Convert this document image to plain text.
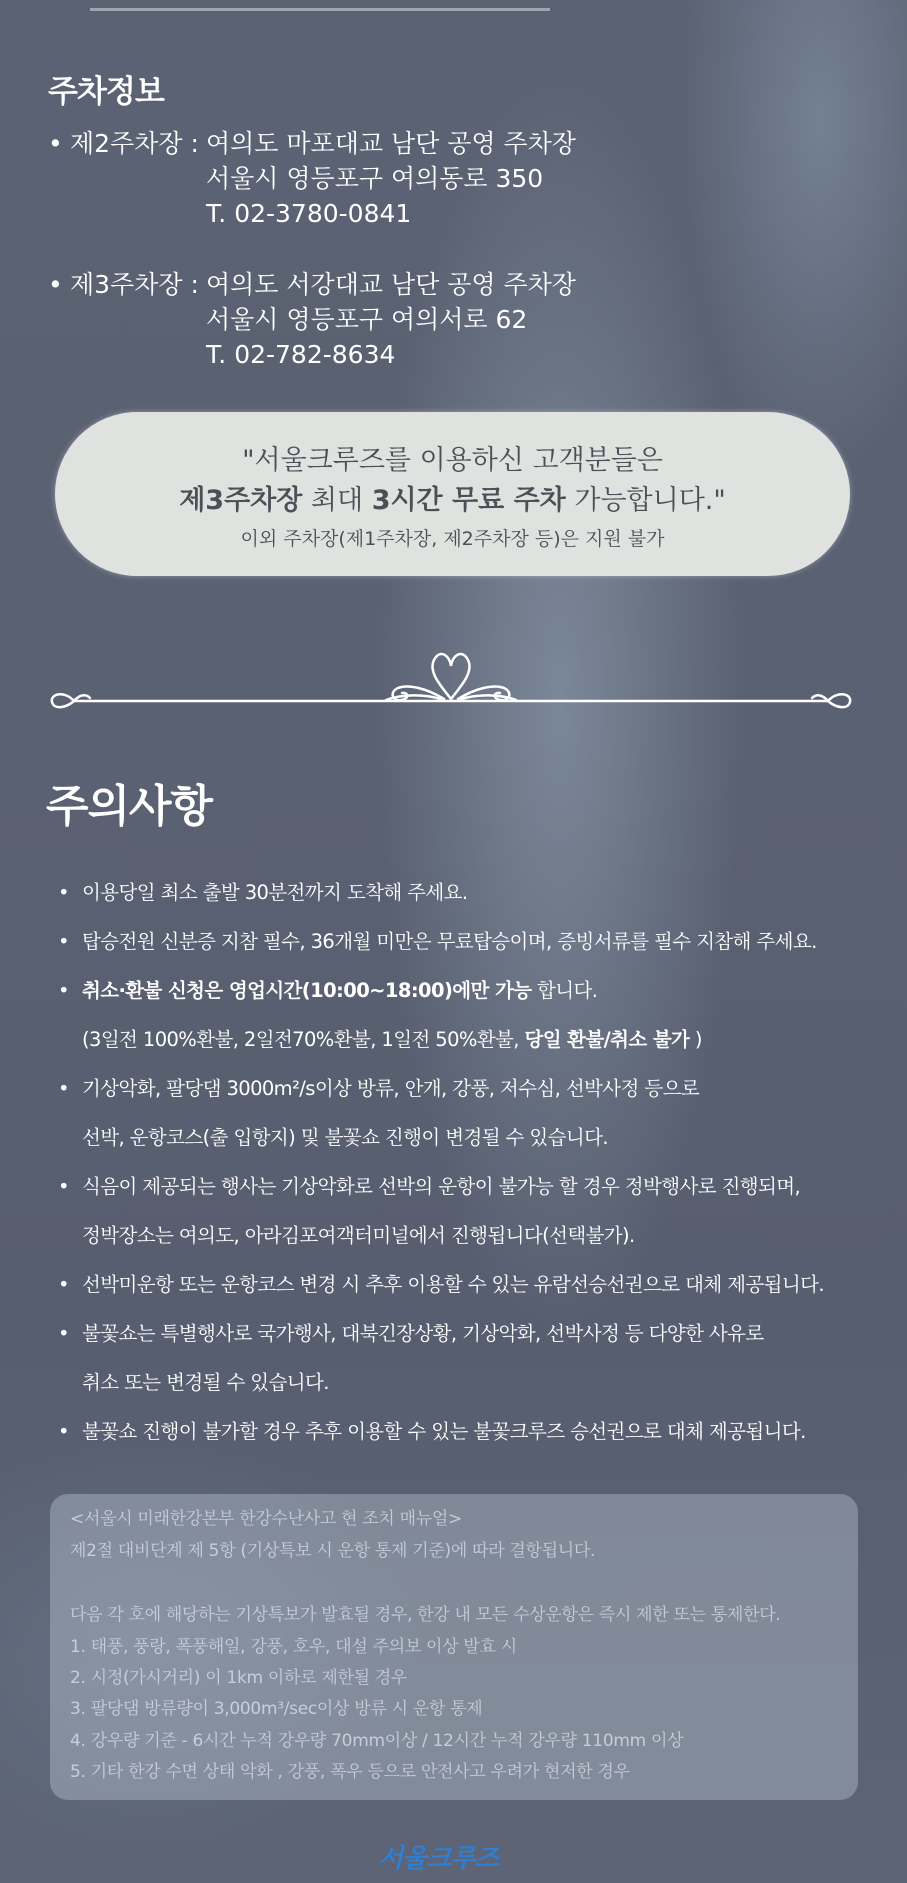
주차정보
• 제2주차장 : 여의도 마포대교 남단 공영 주차장
서울시 영등포구 여의동로 350
T. 02-3780-0841
• 제3주차장 : 여의도 서강대교 남단 공영 주차장
서울시 영등포구 여의서로 62
T. 02-782-8634
"서울크루즈를 이용하신 고객분들은
제3주차장 최대 3시간 무료 주차 가능합니다."
이외 주차장(제1주차장, 제2주차장 등)은 지원 불가
주의사항
• 이용당일 최소 출발 30분전까지 도착해 주세요.
• 탑승전원 신분증 지참 필수, 36개월 미만은 무료탑승이며, 증빙서류를 필수 지참해 주세요.
• 취소·환불 신청은 영업시간(10:00~18:00)에만 가능 합니다.
(3일전 100%환불, 2일전70%환불, 1일전 50%환불, 당일 환불/취소 불가 )
• 기상악화, 팔당댐 3000m²/s이상 방류, 안개, 강풍, 저수심, 선박사정 등으로
선박, 운항코스(출 입항지) 및 불꽃쇼 진행이 변경될 수 있습니다.
• 식음이 제공되는 행사는 기상악화로 선박의 운항이 불가능 할 경우 정박행사로 진행되며,
정박장소는 여의도, 아라김포여객터미널에서 진행됩니다(선택불가).
• 선박미운항 또는 운항코스 변경 시 추후 이용할 수 있는 유람선승선권으로 대체 제공됩니다.
• 불꽃쇼는 특별행사로 국가행사, 대북긴장상황, 기상악화, 선박사정 등 다양한 사유로
취소 또는 변경될 수 있습니다.
• 불꽃쇼 진행이 불가할 경우 추후 이용할 수 있는 불꽃크루즈 승선권으로 대체 제공됩니다.
<서울시 미래한강본부 한강수난사고 현 조치 매뉴얼>
제2절 대비단계 제 5항 (기상특보 시 운항 통제 기준)에 따라 결항됩니다.
다음 각 호에 해당하는 기상특보가 발효될 경우, 한강 내 모든 수상운항은 즉시 제한 또는 통제한다.
1. 태풍, 풍랑, 폭풍해일, 강풍, 호우, 대설 주의보 이상 발효 시
2. 시정(가시거리) 이 1km 이하로 제한될 경우
3. 팔당댐 방류량이 3,000m³/sec이상 방류 시 운항 통제
4. 강우량 기준 - 6시간 누적 강우량 70mm이상 / 12시간 누적 강우량 110mm 이상
5. 기타 한강 수면 상태 악화 , 강풍, 폭우 등으로 안전사고 우려가 현저한 경우
서울크루즈
